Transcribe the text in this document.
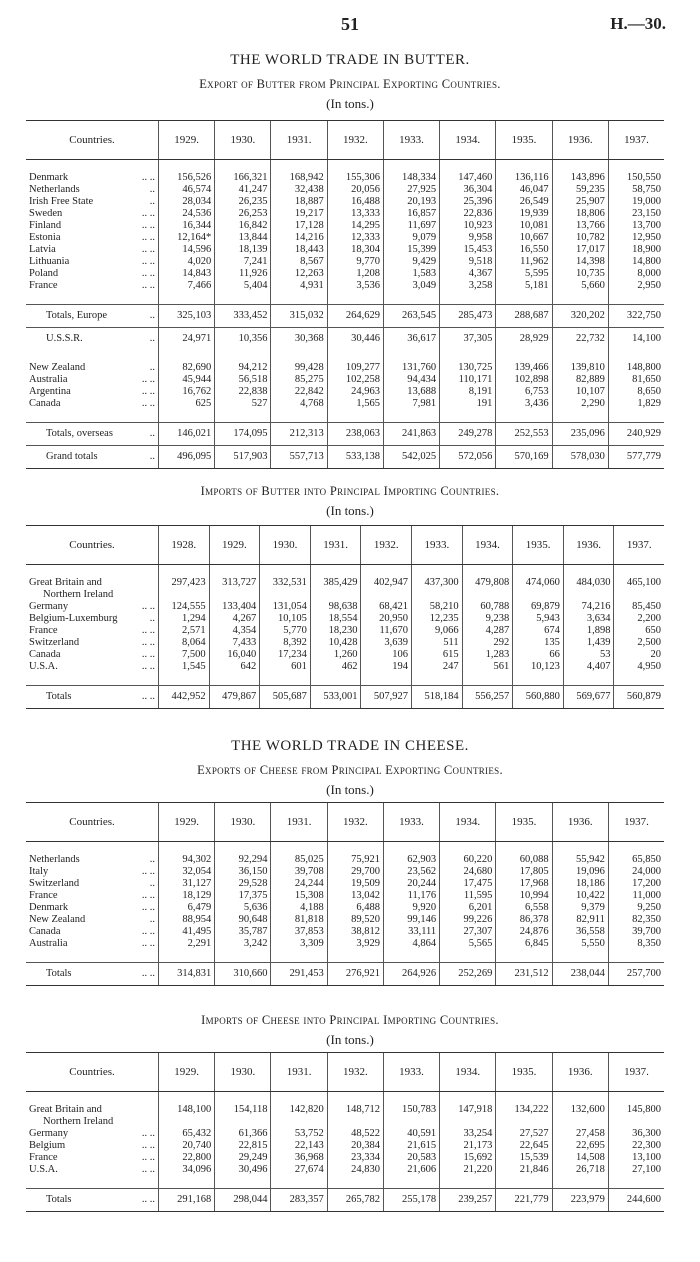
51	H.—30.
THE WORLD TRADE IN BUTTER.
Export of Butter from Principal Exporting Countries.
(In tons.)
Countries.	1929.	1930.	1931.	1932.	1933.	1934.	1935.	1936.	1937.

Denmark .. ..	156,526	166,321	168,942	155,306	148,334	147,460	136,116	143,896	150,550
Netherlands ..	46,574	41,247	32,438	20,056	27,925	36,304	46,047	59,235	58,750
Irish Free State ..	28,034	26,235	18,887	16,488	20,193	25,396	26,549	25,907	19,000
Sweden .. ..	24,536	26,253	19,217	13,333	16,857	22,836	19,939	18,806	23,150
Finland .. ..	16,344	16,842	17,128	14,295	11,697	10,923	10,081	13,766	13,700
Estonia .. ..	12,164*	13,844	14,216	12,333	9,079	9,958	10,667	10,782	12,950
Latvia .. ..	14,596	18,139	18,443	18,304	15,399	15,453	16,550	17,017	18,900
Lithuania .. ..	4,020	7,241	8,567	9,770	9,429	9,518	11,962	14,398	14,800
Poland .. ..	14,843	11,926	12,263	1,208	1,583	4,367	5,595	10,735	8,000
France .. ..	7,466	5,404	4,931	3,536	3,049	3,258	5,181	5,660	2,950

Totals, Europe ..	325,103	333,452	315,032	264,629	263,545	285,473	288,687	320,202	322,750
U.S.S.R. ..	24,971	10,356	30,368	30,446	36,617	37,305	28,929	22,732	14,100

New Zealand ..	82,690	94,212	99,428	109,277	131,760	130,725	139,466	139,810	148,800
Australia .. ..	45,944	56,518	85,275	102,258	94,434	110,171	102,898	82,889	81,650
Argentina .. ..	16,762	22,838	22,842	24,963	13,688	8,191	6,753	10,107	8,650
Canada .. ..	625	527	4,768	1,565	7,981	191	3,436	2,290	1,829

Totals, overseas ..	146,021	174,095	212,313	238,063	241,863	249,278	252,553	235,096	240,929
Grand totals ..	496,095	517,903	557,713	533,138	542,025	572,056	570,169	578,030	577,779
Imports of Butter into Principal Importing Countries.
(In tons.)
Countries.	1928.	1929.	1930.	1931.	1932.	1933.	1934.	1935.	1936.	1937.

Great Britain and
Northern Ireland	297,423	313,727	332,531	385,429	402,947	437,300	479,808	474,060	484,030	465,100
Germany .. ..	124,555	133,404	131,054	98,638	68,421	58,210	60,788	69,879	74,216	85,450
Belgium-Luxemburg ..	1,294	4,267	10,105	18,554	20,950	12,235	9,238	5,943	3,634	2,200
France .. ..	2,571	4,354	5,770	18,230	11,670	9,066	4,287	674	1,898	650
Switzerland .. ..	8,064	7,433	8,392	10,428	3,639	511	292	135	1,439	2,500
Canada .. ..	7,500	16,040	17,234	1,260	106	615	1,283	66	53	20
U.S.A. .. ..	1,545	642	601	462	194	247	561	10,123	4,407	4,950

Totals .. ..	442,952	479,867	505,687	533,001	507,927	518,184	556,257	560,880	569,677	560,879
THE WORLD TRADE IN CHEESE.
Exports of Cheese from Principal Exporting Countries.
(In tons.)
Countries.	1929.	1930.	1931.	1932.	1933.	1934.	1935.	1936.	1937.

Netherlands ..	94,302	92,294	85,025	75,921	62,903	60,220	60,088	55,942	65,850
Italy .. ..	32,054	36,150	39,708	29,700	23,562	24,680	17,805	19,096	24,000
Switzerland ..	31,127	29,528	24,244	19,509	20,244	17,475	17,968	18,186	17,200
France .. ..	18,129	17,375	15,308	13,042	11,176	11,595	10,994	10,422	11,000
Denmark .. ..	6,479	5,636	4,188	6,488	9,920	6,201	6,558	9,379	9,250
New Zealand ..	88,954	90,648	81,818	89,520	99,146	99,226	86,378	82,911	82,350
Canada .. ..	41,495	35,787	37,853	38,812	33,111	27,307	24,876	36,558	39,700
Australia .. ..	2,291	3,242	3,309	3,929	4,864	5,565	6,845	5,550	8,350

Totals .. ..	314,831	310,660	291,453	276,921	264,926	252,269	231,512	238,044	257,700
Imports of Cheese into Principal Importing Countries.
(In tons.)
Countries.	1929.	1930.	1931.	1932.	1933.	1934.	1935.	1936.	1937.

Great Britain and
Northern Ireland	148,100	154,118	142,820	148,712	150,783	147,918	134,222	132,600	145,800
Germany .. ..	65,432	61,366	53,752	48,522	40,591	33,254	27,527	27,458	36,300
Belgium .. ..	20,740	22,815	22,143	20,384	21,615	21,173	22,645	22,695	22,300
France .. ..	22,800	29,249	36,968	23,334	20,583	15,692	15,539	14,508	13,100
U.S.A. .. ..	34,096	30,496	27,674	24,830	21,606	21,220	21,846	26,718	27,100

Totals .. ..	291,168	298,044	283,357	265,782	255,178	239,257	221,779	223,979	244,600
